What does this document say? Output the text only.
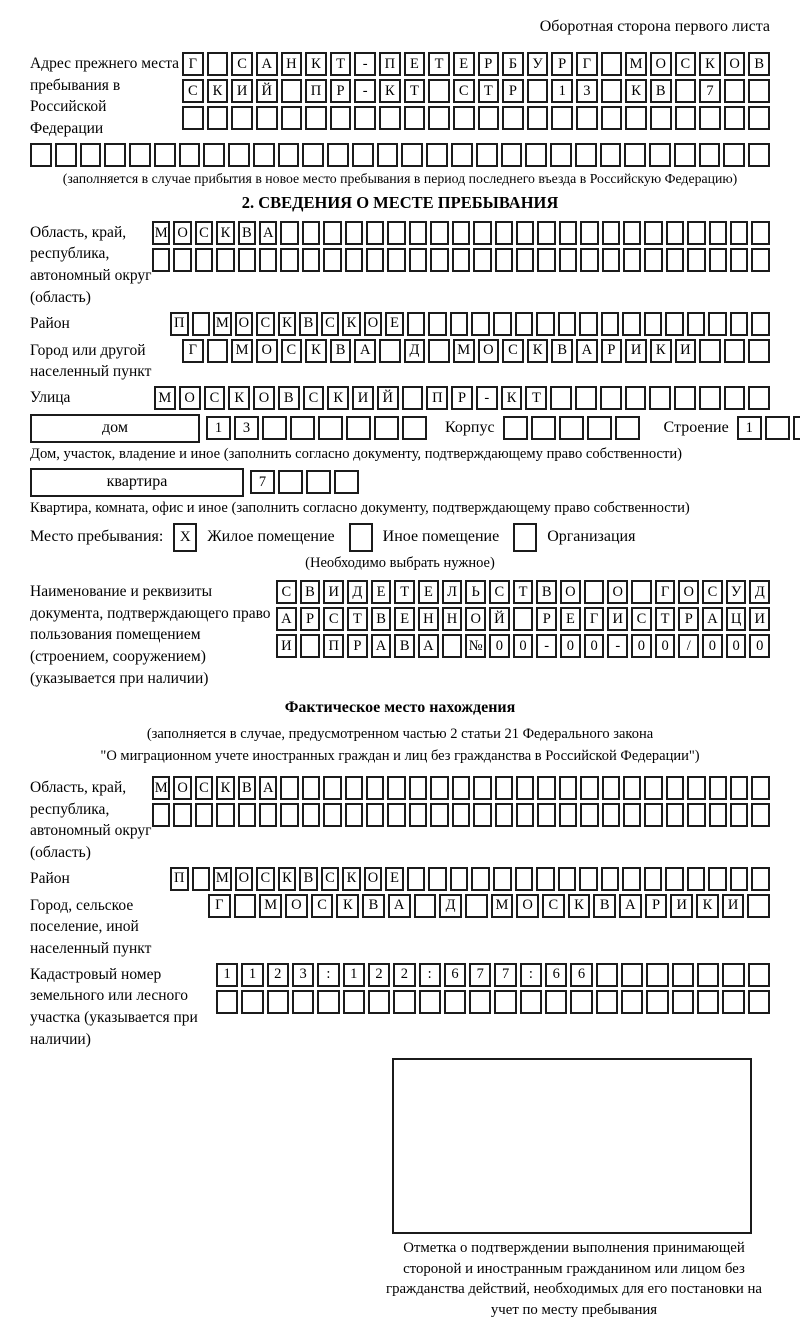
Оборотная сторона первого листа
Адрес прежнего места пребывания в Российской Федерации
Г	С	А Н	К	Т	-	П	Е	Т	Е	Р	Б	У	Р	Г	М О	С	К	О	В
С	К	И Й	П	Р	-	К	Т	С	Т	Р	1	3	К	В	7
(заполняется в случае прибытия в новое место пребывания в период последнего въезда в Российскую Федерацию)
2. СВЕДЕНИЯ О МЕСТЕ ПРЕБЫВАНИЯ
Область, край, республика, автономный округ (область)
М О С К В А
Район	П М О С К В С К О Е
Город или другой населенный пункт
Г	М О	С	К	В	А	Д	М О	С	К	В	А	Р	И	К	И
Улица	М О	С	К	О	В	С	К	И Й	П	Р	-	К	Т
дом	1	3	Корпус	Строение	1
Дом, участок, владение и иное (заполнить согласно документу, подтверждающему право собственности)
квартира	7
Квартира, комната, офис и иное (заполнить согласно документу, подтверждающему право собственности)
Место пребывания:	X	Жилое помещение	Иное помещение	Организация
(Необходимо выбрать нужное)
Наименование и реквизиты документа, подтверждающего право пользования помещением (строением, сооружением) (указывается при наличии)
С В И Д Е	Т	Е Л	Ь	С Т В О	О	Г О С У Д
А Р	С Т В Е Н Н О Й	Р	Е	Г И С Т	Р А Ц И
И	П Р А В А	№ 0	0	-	0	0	-	0	0	/	0	0	0
Фактическое место нахождения
(заполняется в случае, предусмотренном частью 2 статьи 21 Федерального закона
"О миграционном учете иностранных граждан и лиц без гражданства в Российской Федерации")
Область, край, республика, автономный округ (область)
М О С К В А
Район	П М О С К В С К О Е
Город, сельское поселение, иной населенный пункт
Г	М О	С	К	В	А	Д	М О	С	К	В	А	Р	И	К	И
Кадастровый номер земельного или лесного участка (указывается при наличии)
1	1	2	3	:	1	2	2	:	6	7	7	:	6	6
Отметка о подтверждении выполнения принимающей стороной и иностранным гражданином или лицом без гражданства действий, необходимых для его постановки на учет по месту пребывания
